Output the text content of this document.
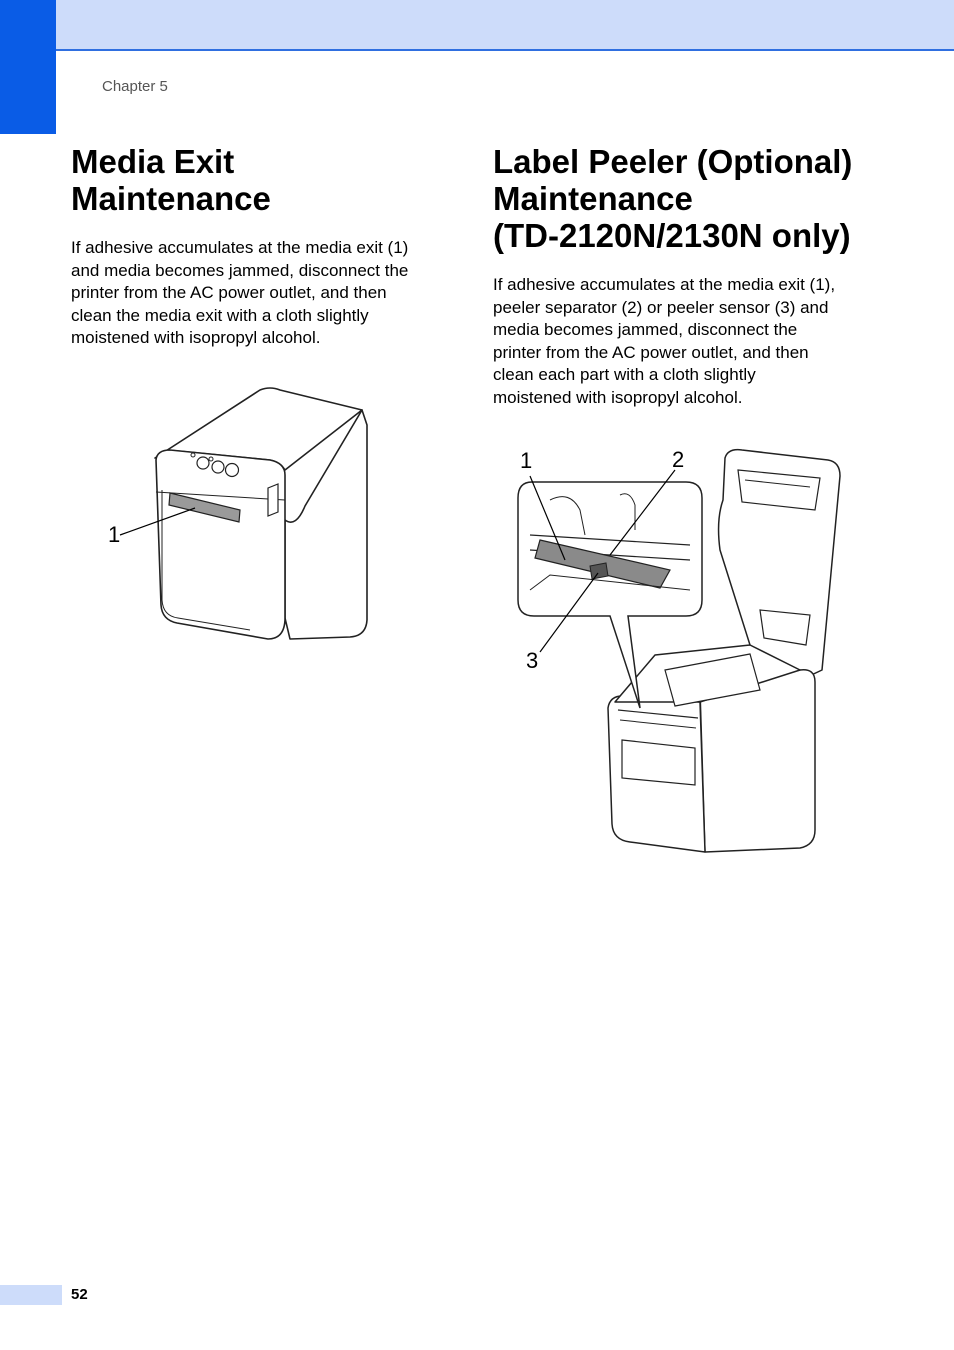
Chapter 5
Media Exit
Maintenance

If adhesive accumulates at the media exit (1)
and media becomes jammed, disconnect the
printer from the AC power outlet, and then
clean the media exit with a cloth slightly
moistened with isopropyl alcohol.

1
Label Peeler (Optional)
Maintenance
(TD-2120N/2130N only)

If adhesive accumulates at the media exit (1),
peeler separator (2) or peeler sensor (3) and
media becomes jammed, disconnect the
printer from the AC power outlet, and then
clean each part with a cloth slightly
moistened with isopropyl alcohol.

1	2
3
52
